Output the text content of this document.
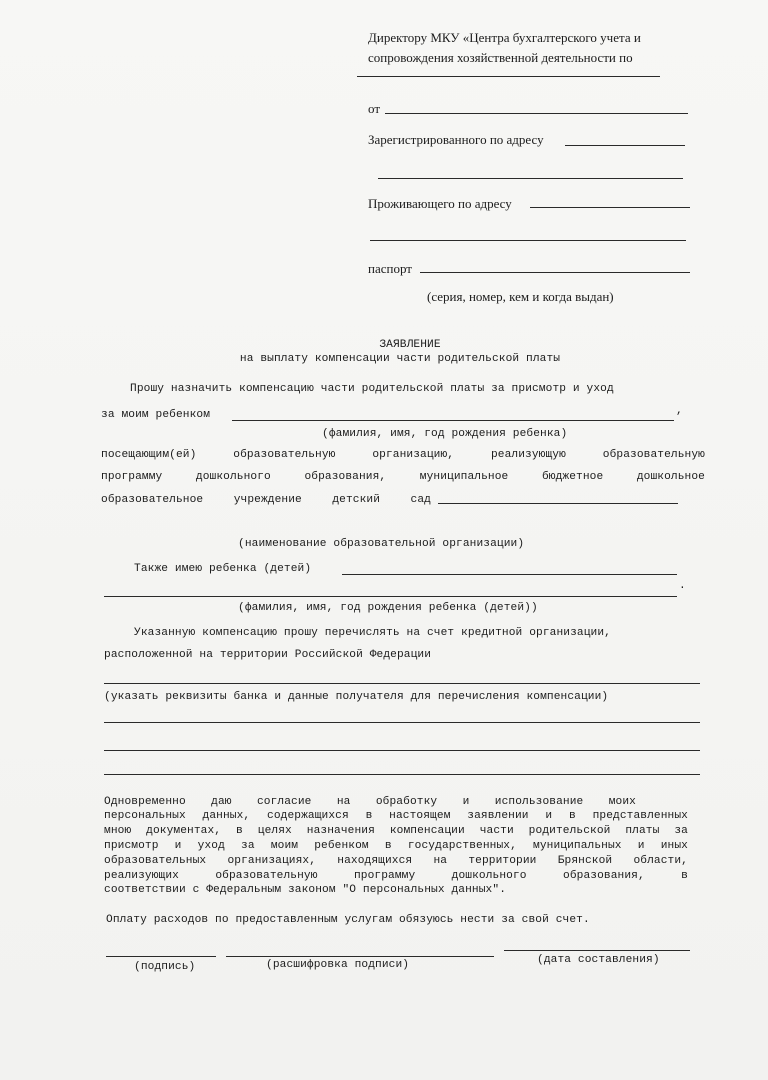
Директору МКУ «Центра бухгалтерского учета и
сопровождения хозяйственной деятельности по
от
Зарегистрированного по адресу
Проживающего по адресу
паспорт
(серия, номер, кем и когда выдан)
ЗАЯВЛЕНИЕ
на выплату компенсации части родительской платы
Прошу назначить компенсацию части родительской платы за присмотр и уход
за моим ребенком	,
(фамилия, имя, год рождения ребенка)
посещающим(ей) образовательную организацию, реализующую образовательную
программу дошкольного образования, муниципальное бюджетное дошкольное
образовательное учреждение детский сад
(наименование образовательной организации)
Также имею ребенка (детей)
.
(фамилия, имя, год рождения ребенка (детей))
Указанную компенсацию прошу перечислять на счет кредитной организации,
расположенной на территории Российской Федерации
(указать реквизиты банка и данные получателя для перечисления компенсации)
Одновременно даю согласие на обработку и использование моих
персональных данных, содержащихся в настоящем заявлении и в представленных
мною документах, в целях назначения компенсации части родительской платы за
присмотр и уход за моим ребенком в государственных, муниципальных и иных
образовательных организациях, находящихся на территории Брянской области,
реализующих образовательную программу дошкольного образования, в
соответствии с Федеральным законом "О персональных данных".
Оплату расходов по предоставленным услугам обязуюсь нести за свой счет.
(подпись)	(расшифровка подписи)	(дата составления)
